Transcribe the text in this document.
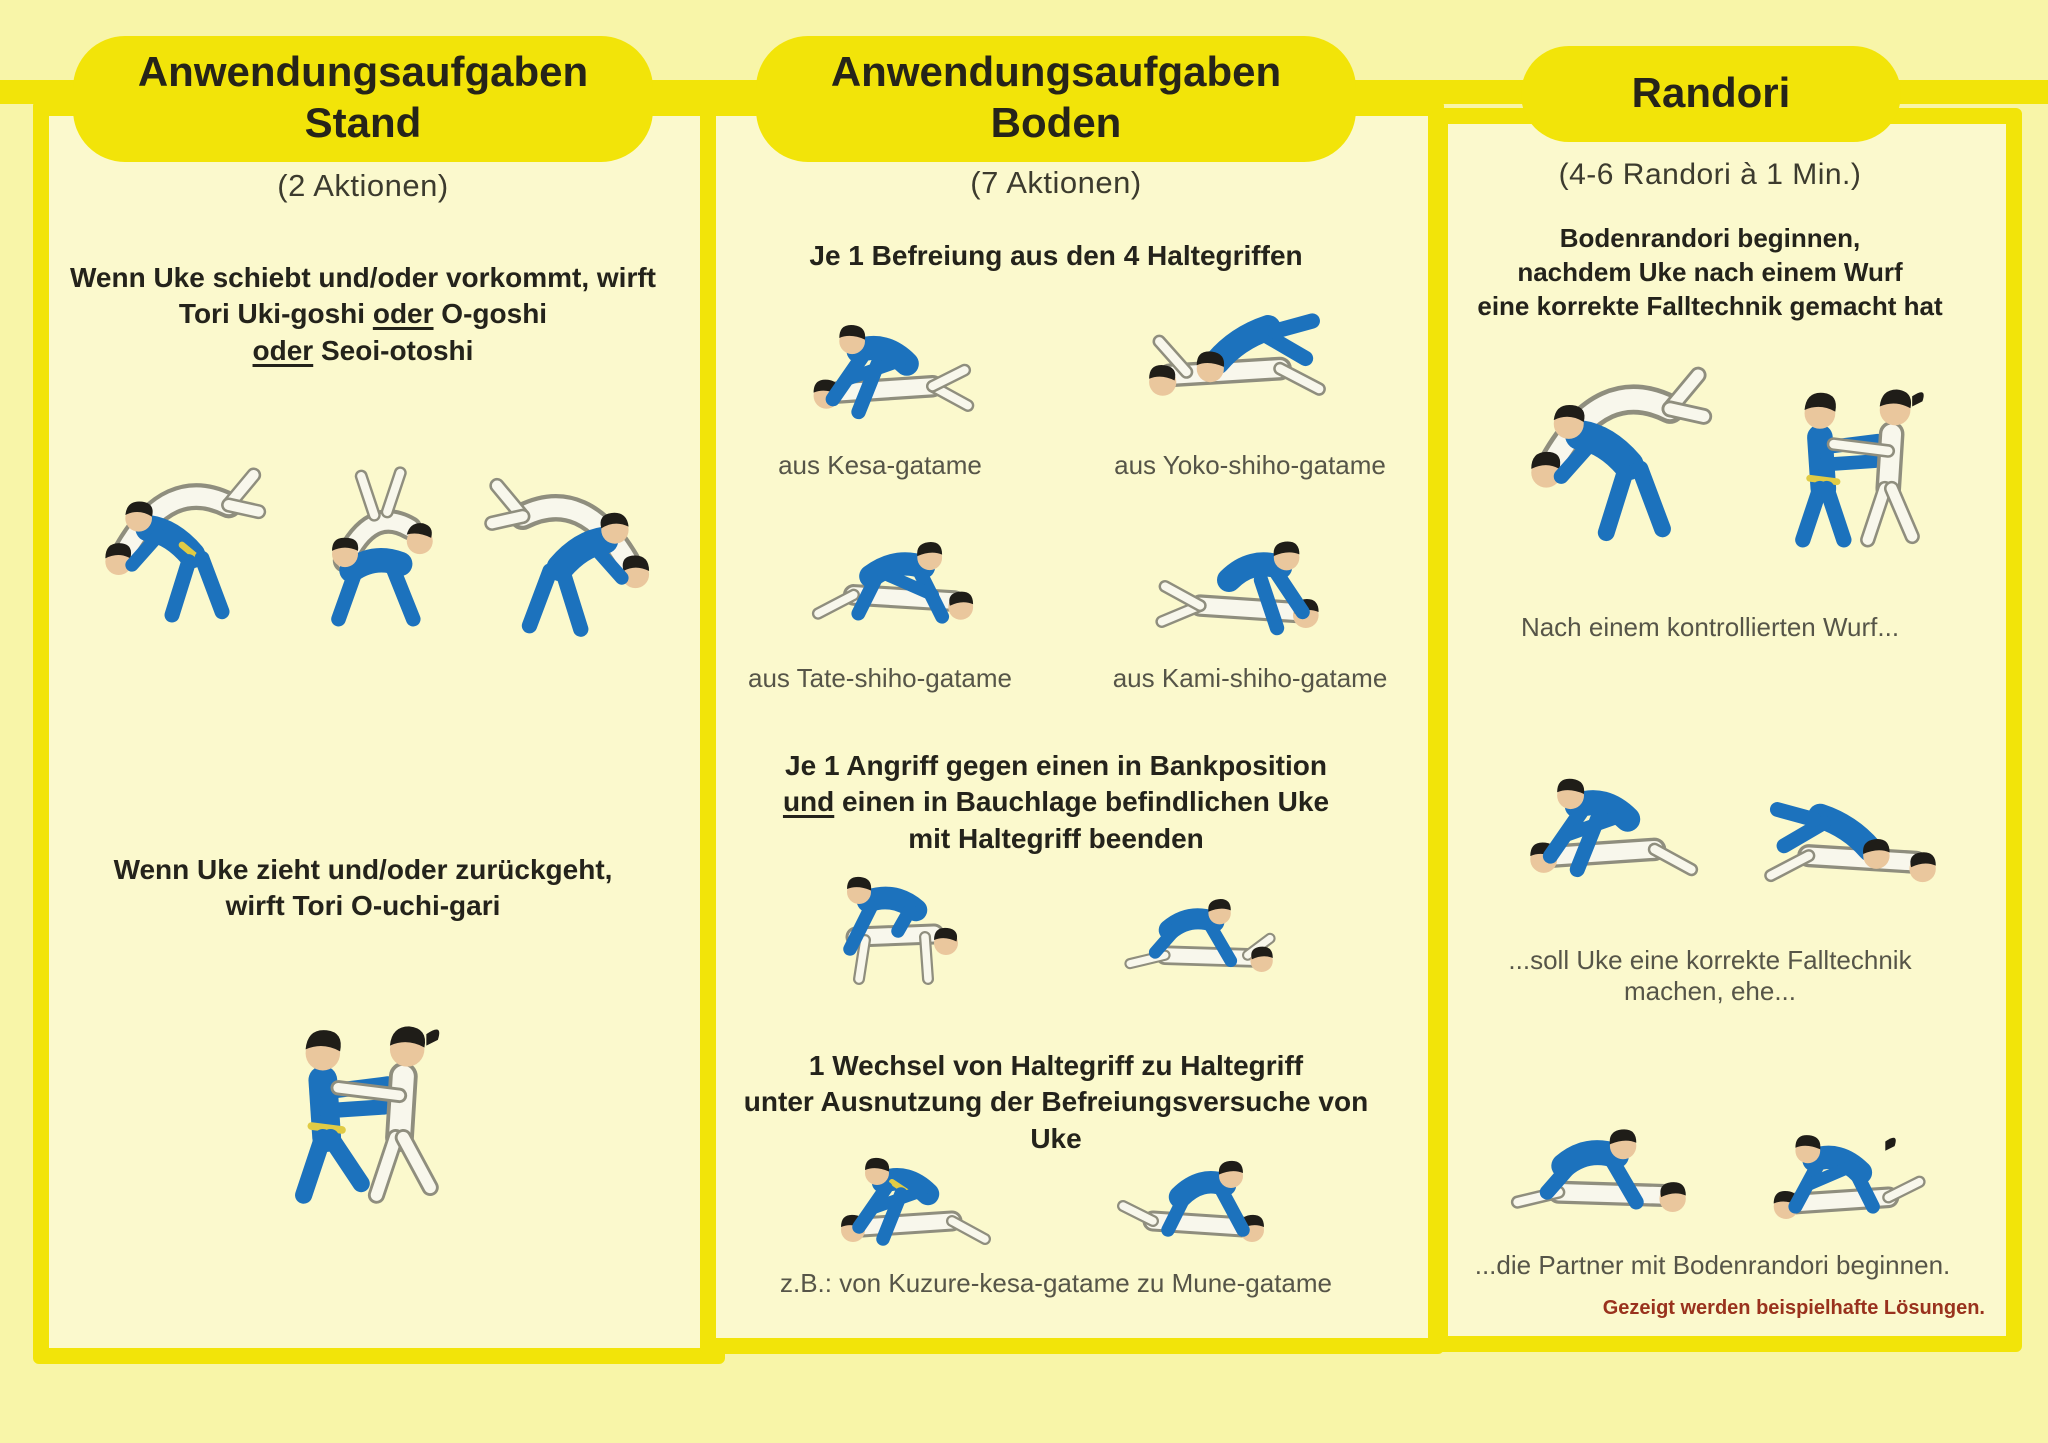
Anwendungsaufgaben
Stand
Anwendungsaufgaben
Boden
Randori
(2 Aktionen)
Wenn Uke schiebt und/oder vorkommt, wirft
Tori Uki-goshi oder O-goshi
oder Seoi-otoshi
Wenn Uke zieht und/oder zurückgeht,
wirft Tori O-uchi-gari
(7 Aktionen)
Je 1 Befreiung aus den 4 Haltegriffen
aus Kesa-gatame	aus Yoko-shiho-gatame
aus Tate-shiho-gatame	aus Kami-shiho-gatame
Je 1 Angriff gegen einen in Bankposition
und einen in Bauchlage befindlichen Uke
mit Haltegriff beenden
1 Wechsel von Haltegriff zu Haltegriff
unter Ausnutzung der Befreiungsversuche von Uke
z.B.: von Kuzure-kesa-gatame zu Mune-gatame
(4-6 Randori à 1 Min.)
Bodenrandori beginnen,
nachdem Uke nach einem Wurf
eine korrekte Falltechnik gemacht hat
Nach einem kontrollierten Wurf...
...soll Uke eine korrekte Falltechnik
machen, ehe...
...die Partner mit Bodenrandori beginnen.
Gezeigt werden beispielhafte Lösungen.
